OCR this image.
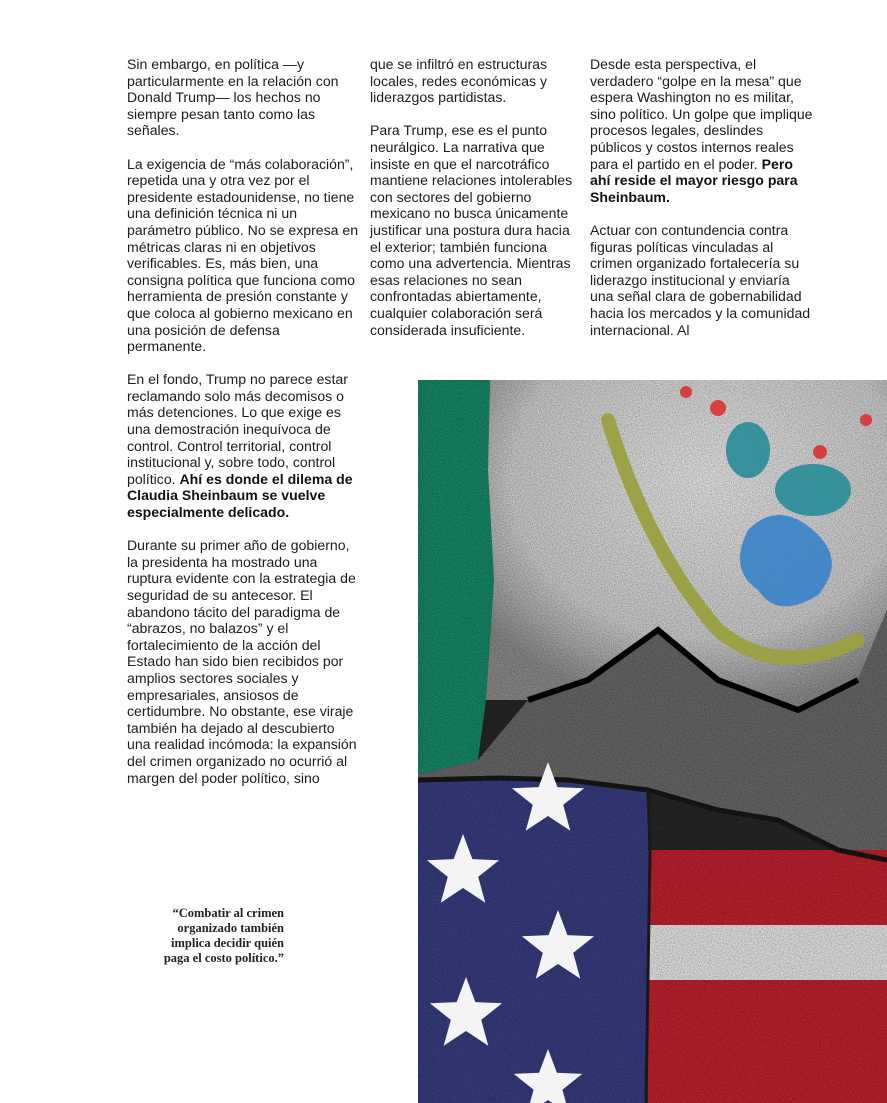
Sin embargo, en política —y particularmente en la relación con Donald Trump— los hechos no siempre pesan tanto como las señales.

La exigencia de “más colaboración”, repetida una y otra vez por el presidente estadounidense, no tiene una definición técnica ni un parámetro público. No se expresa en métricas claras ni en objetivos verificables. Es, más bien, una consigna política que funciona como herramienta de presión constante y que coloca al gobierno mexicano en una posición de defensa permanente.

En el fondo, Trump no parece estar reclamando solo más decomisos o más detenciones. Lo que exige es una demostración inequívoca de control. Control territorial, control institucional y, sobre todo, control político. Ahí es donde el dilema de Claudia Sheinbaum se vuelve especialmente delicado.

Durante su primer año de gobierno, la presidenta ha mostrado una ruptura evidente con la estrategia de seguridad de su antecesor. El abandono tácito del paradigma de “abrazos, no balazos” y el fortalecimiento de la acción del Estado han sido bien recibidos por amplios sectores sociales y empresariales, ansiosos de certidumbre. No obstante, ese viraje también ha dejado al descubierto una realidad incómoda: la expansión del crimen organizado no ocurrió al margen del poder político, sino

que se infiltró en estructuras locales, redes económicas y liderazgos partidistas.

Para Trump, ese es el punto neurálgico. La narrativa que insiste en que el narcotráfico mantiene relaciones intolerables con sectores del gobierno mexicano no busca únicamente justificar una postura dura hacia el exterior; también funciona como una advertencia. Mientras esas relaciones no sean confrontadas abiertamente, cualquier colaboración será considerada insuficiente.

Desde esta perspectiva, el verdadero “golpe en la mesa” que espera Washington no es militar, sino político. Un golpe que implique procesos legales, deslindes públicos y costos internos reales para el partido en el poder. Pero ahí reside el mayor riesgo para Sheinbaum.

Actuar con contundencia contra figuras políticas vinculadas al crimen organizado fortalecería su liderazgo institucional y enviaría una señal clara de gobernabilidad hacia los mercados y la comunidad internacional. Al

“Combatir al crimen organizado también implica decidir quién paga el costo político.”
